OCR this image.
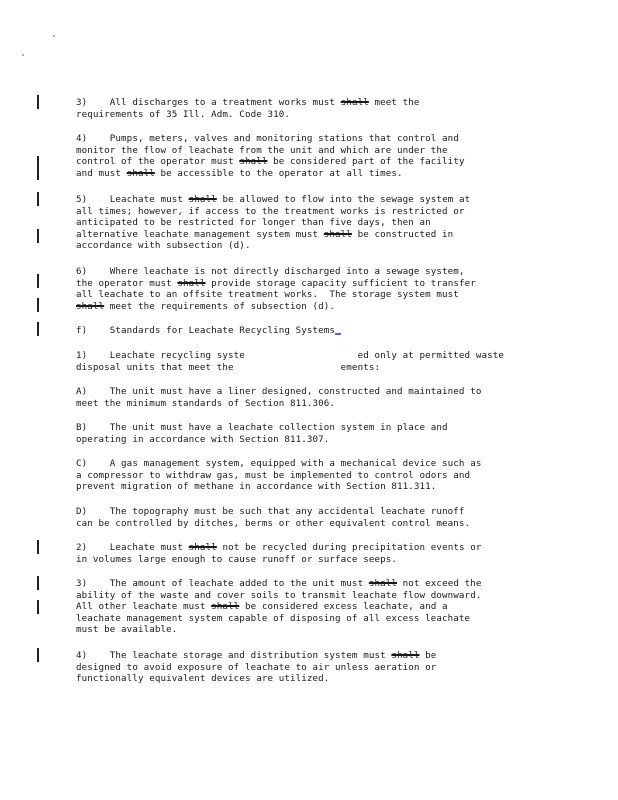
3)    All discharges to a treatment works must shall meet the
requirements of 35 Ill. Adm. Code 310.
4)    Pumps, meters, valves and monitoring stations that control and
monitor the flow of leachate from the unit and which are under the
control of the operator must shall be considered part of the facility
and must shall be accessible to the operator at all times.
5)    Leachate must shall be allowed to flow into the sewage system at
all times; however, if access to the treatment works is restricted or
anticipated to be restricted for longer than five days, then an
alternative leachate management system must shall be constructed in
accordance with subsection (d).
6)    Where leachate is not directly discharged into a sewage system,
the operator must shall provide storage capacity sufficient to transfer
all leachate to an offsite treatment works.  The storage system must
shall meet the requirements of subsection (d).
f)    Standards for Leachate Recycling Systems
1)    Leachate recycling syste                    ed only at permitted waste
disposal units that meet the                   ements:
A)    The unit must have a liner designed, constructed and maintained to
meet the minimum standards of Section 811.306.
B)    The unit must have a leachate collection system in place and
operating in accordance with Section 811.307.
C)    A gas management system, equipped with a mechanical device such as
a compressor to withdraw gas, must be implemented to control odors and
prevent migration of methane in accordance with Section 811.311.
D)    The topography must be such that any accidental leachate runoff
can be controlled by ditches, berms or other equivalent control means.
2)    Leachate must shall not be recycled during precipitation events or
in volumes large enough to cause runoff or surface seeps.
3)    The amount of leachate added to the unit must shall not exceed the
ability of the waste and cover soils to transmit leachate flow downward.
All other leachate must shall be considered excess leachate, and a
leachate management system capable of disposing of all excess leachate
must be available.
4)    The leachate storage and distribution system must shall be
designed to avoid exposure of leachate to air unless aeration or
functionally equivalent devices are utilized.
